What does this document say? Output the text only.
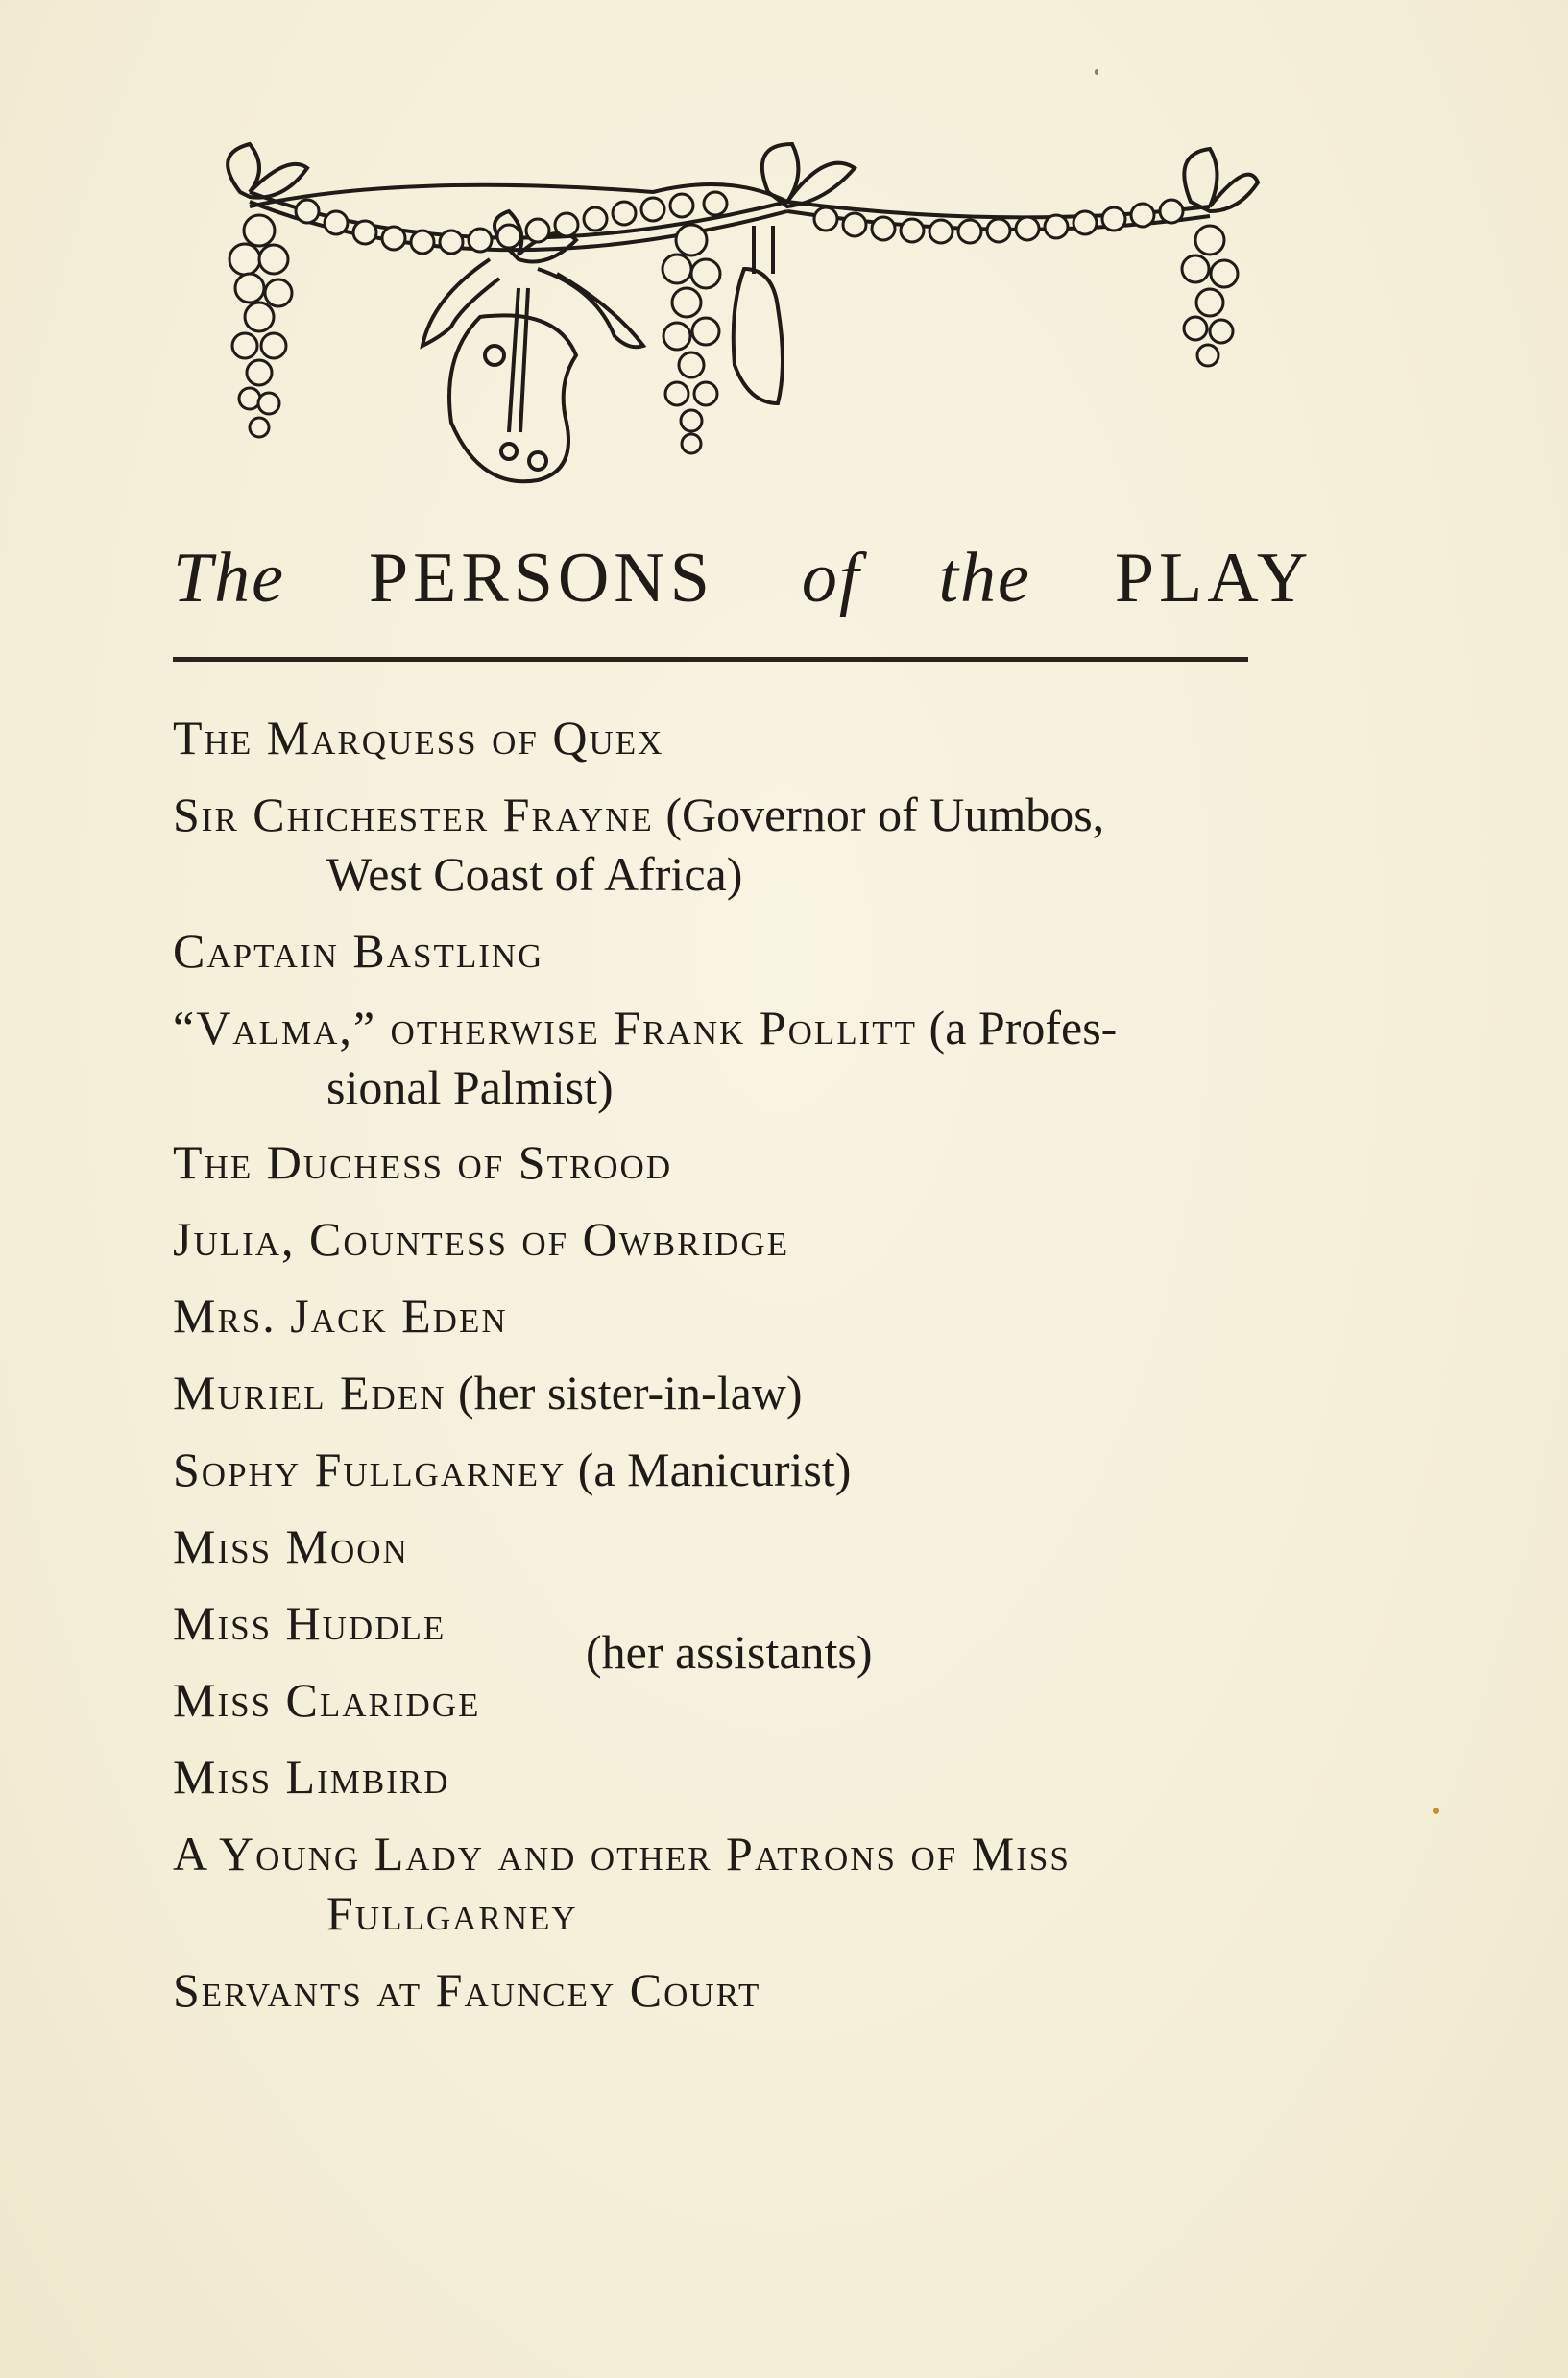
The PERSONS of the PLAY
The Marquess of Quex
Sir Chichester Frayne (Governor of Uumbos,
West Coast of Africa)
Captain Bastling
“Valma,” otherwise Frank Pollitt (a Profes-
sional Palmist)
The Duchess of Strood
Julia, Countess of Owbridge
Mrs. Jack Eden
Muriel Eden (her sister-in-law)
Sophy Fullgarney (a Manicurist)
Miss Moon
Miss Huddle
(her assistants)
Miss Claridge
Miss Limbird
A Young Lady and other Patrons of Miss
Fullgarney
Servants at Fauncey Court
